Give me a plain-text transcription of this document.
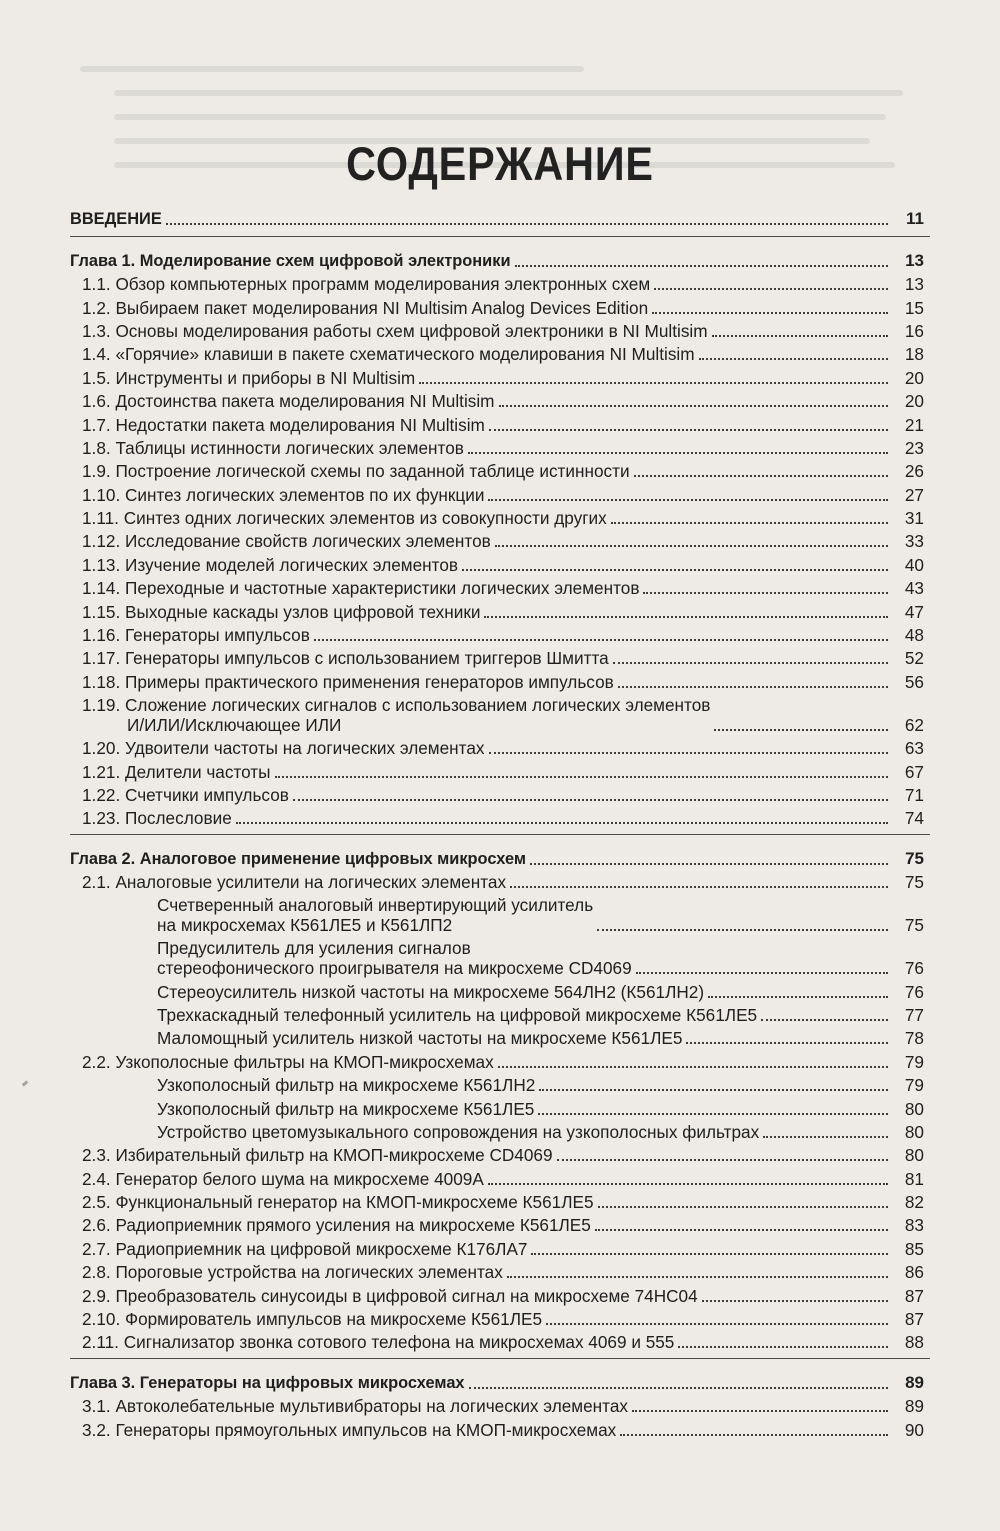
СОДЕРЖАНИЕ
ВВЕДЕНИЕ	11
Глава 1. Моделирование схем цифровой электроники	13
1.1. Обзор компьютерных программ моделирования электронных схем	13
1.2. Выбираем пакет моделирования NI Multisim Analog Devices Edition	15
1.3. Основы моделирования работы схем цифровой электроники в NI Multisim	16
1.4. «Горячие» клавиши в пакете схематического моделирования NI Multisim	18
1.5. Инструменты и приборы в NI Multisim	20
1.6. Достоинства пакета моделирования NI Multisim	20
1.7. Недостатки пакета моделирования NI Multisim	21
1.8. Таблицы истинности логических элементов	23
1.9. Построение логической схемы по заданной таблице истинности	26
1.10. Синтез логических элементов по их функции	27
1.11. Синтез одних логических элементов из совокупности других	31
1.12. Исследование свойств логических элементов	33
1.13. Изучение моделей логических элементов	40
1.14. Переходные и частотные характеристики логических элементов	43
1.15. Выходные каскады узлов цифровой техники	47
1.16. Генераторы импульсов	48
1.17. Генераторы импульсов с использованием триггеров Шмитта	52
1.18. Примеры практического применения генераторов импульсов	56
1.19. Сложение логических сигналов с использованием логических элементов
И/ИЛИ/Исключающее ИЛИ	62
1.20. Удвоители частоты на логических элементах	63
1.21. Делители частоты	67
1.22. Счетчики импульсов	71
1.23. Послесловие	74
Глава 2. Аналоговое применение цифровых микросхем	75
2.1. Аналоговые усилители на логических элементах	75
Счетверенный аналоговый инвертирующий усилитель
на микросхемах К561ЛЕ5 и К561ЛП2	75
Предусилитель для усиления сигналов
стереофонического проигрывателя на микросхеме CD4069	76
Стереоусилитель низкой частоты на микросхеме 564ЛН2 (К561ЛН2)	76
Трехкаскадный телефонный усилитель на цифровой микросхеме К561ЛЕ5	77
Маломощный усилитель низкой частоты на микросхеме К561ЛЕ5	78
2.2. Узкополосные фильтры на КМОП-микросхемах	79
Узкополосный фильтр на микросхеме К561ЛН2	79
Узкополосный фильтр на микросхеме К561ЛЕ5	80
Устройство цветомузыкального сопровождения на узкополосных фильтрах	80
2.3. Избирательный фильтр на КМОП-микросхеме CD4069	80
2.4. Генератор белого шума на микросхеме 4009А	81
2.5. Функциональный генератор на КМОП-микросхеме К561ЛЕ5	82
2.6. Радиоприемник прямого усиления на микросхеме К561ЛЕ5	83
2.7. Радиоприемник на цифровой микросхеме К176ЛА7	85
2.8. Пороговые устройства на логических элементах	86
2.9. Преобразователь синусоиды в цифровой сигнал на микросхеме 74НС04	87
2.10. Формирователь импульсов на микросхеме К561ЛЕ5	87
2.11. Сигнализатор звонка сотового телефона на микросхемах 4069 и 555	88
Глава 3. Генераторы на цифровых микросхемах	89
3.1. Автоколебательные мультивибраторы на логических элементах	89
3.2. Генераторы прямоугольных импульсов на КМОП-микросхемах	90
